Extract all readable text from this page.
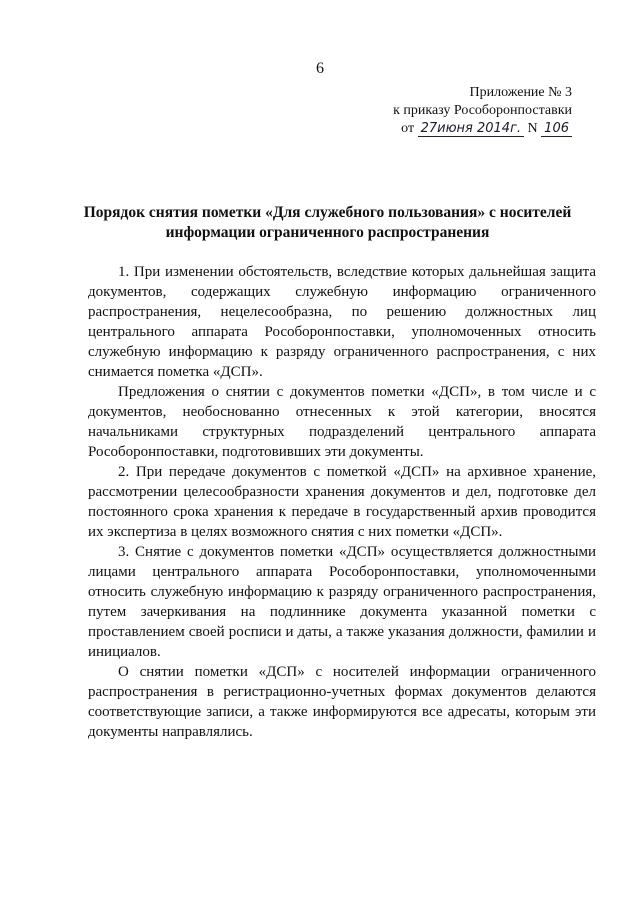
6
Приложение № 3
к приказу Рособоронпоставки
от 27июня 2014г. N 106
Порядок снятия пометки «Для служебного пользования» с носителей информации ограниченного распространения

1. При изменении обстоятельств, вследствие которых дальнейшая защита документов, содержащих служебную информацию ограниченного распространения, нецелесообразна, по решению должностных лиц центрального аппарата Рособоронпоставки, уполномоченных относить служебную информацию к разряду ограниченного распространения, с них снимается пометка «ДСП».

Предложения о снятии с документов пометки «ДСП», в том числе и с документов, необоснованно отнесенных к этой категории, вносятся начальниками структурных подразделений центрального аппарата Рособоронпоставки, подготовивших эти документы.

2. При передаче документов с пометкой «ДСП» на архивное хранение, рассмотрении целесообразности хранения документов и дел, подготовке дел постоянного срока хранения к передаче в государственный архив проводится их экспертиза в целях возможного снятия с них пометки «ДСП».

3. Снятие с документов пометки «ДСП» осуществляется должностными лицами центрального аппарата Рособоронпоставки, уполномоченными относить служебную информацию к разряду ограниченного распространения, путем зачеркивания на подлиннике документа указанной пометки с проставлением своей росписи и даты, а также указания должности, фамилии и инициалов.

О снятии пометки «ДСП» с носителей информации ограниченного распространения в регистрационно-учетных формах документов делаются соответствующие записи, а также информируются все адресаты, которым эти документы направлялись.
